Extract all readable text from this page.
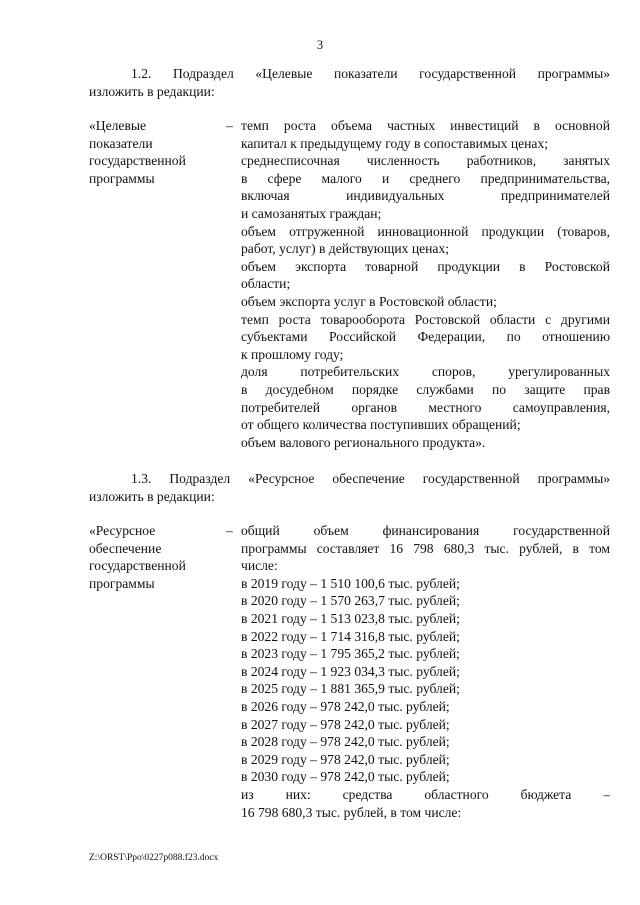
3
1.2. Подраздел «Целевые показатели государственной программы»
изложить в редакции:
«Целевые
показатели
государственной
программы
– темп роста объема частных инвестиций в основной
капитал к предыдущему году в сопоставимых ценах;
среднесписочная численность работников, занятых
в сфере малого и среднего предпринимательства,
включая индивидуальных предпринимателей
и самозанятых граждан;
объем отгруженной инновационной продукции (товаров,
работ, услуг) в действующих ценах;
объем экспорта товарной продукции в Ростовской
области;
объем экспорта услуг в Ростовской области;
темп роста товарооборота Ростовской области с другими
субъектами Российской Федерации, по отношению
к прошлому году;
доля потребительских споров, урегулированных
в досудебном порядке службами по защите прав
потребителей органов местного самоуправления,
от общего количества поступивших обращений;
объем валового регионального продукта».
1.3. Подраздел «Ресурсное обеспечение государственной программы»
изложить в редакции:
«Ресурсное
обеспечение
государственной
программы
– общий объем финансирования государственной
программы составляет 16 798 680,3 тыс. рублей, в том
числе:
в 2019 году – 1 510 100,6 тыс. рублей;
в 2020 году – 1 570 263,7 тыс. рублей;
в 2021 году – 1 513 023,8 тыс. рублей;
в 2022 году – 1 714 316,8 тыс. рублей;
в 2023 году – 1 795 365,2 тыс. рублей;
в 2024 году – 1 923 034,3 тыс. рублей;
в 2025 году – 1 881 365,9 тыс. рублей;
в 2026 году – 978 242,0 тыс. рублей;
в 2027 году – 978 242,0 тыс. рублей;
в 2028 году – 978 242,0 тыс. рублей;
в 2029 году – 978 242,0 тыс. рублей;
в 2030 году – 978 242,0 тыс. рублей;
из них: средства областного бюджета –
16 798 680,3 тыс. рублей, в том числе:
Z:\ORST\Ppo\0227p088.f23.docx
